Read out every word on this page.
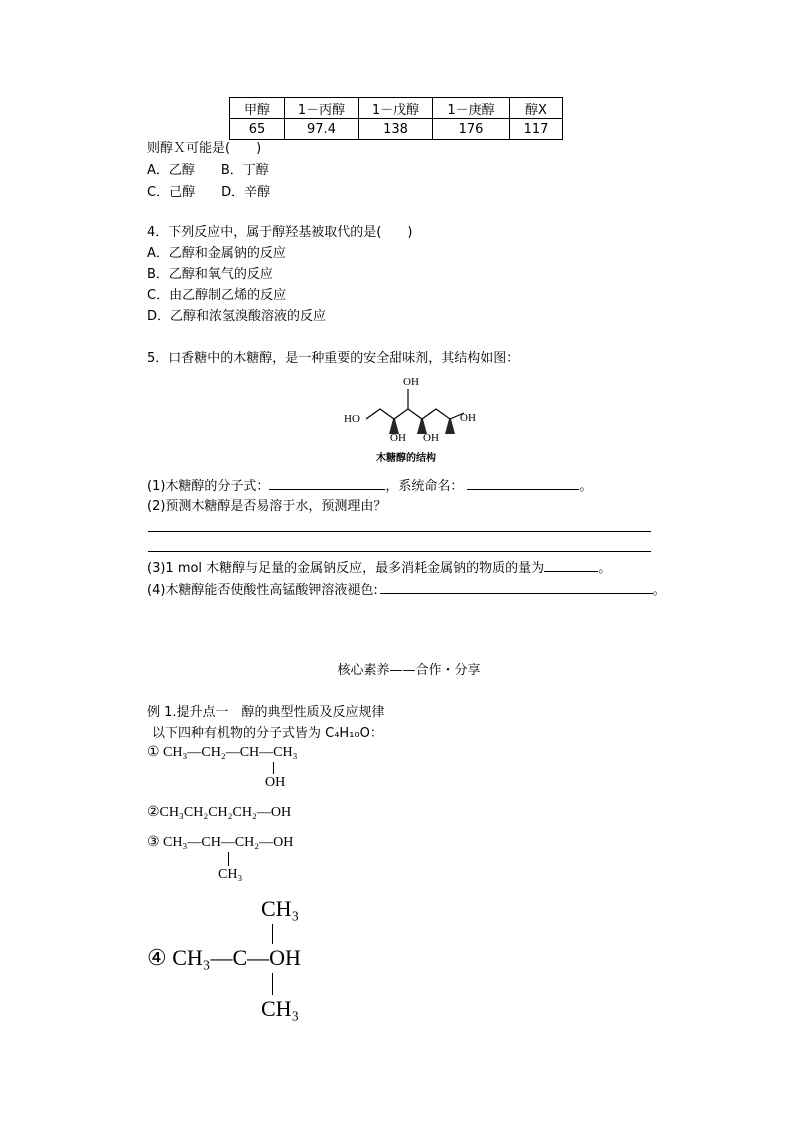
甲醇	1－丙醇	1－戊醇	1－庚醇	醇Ⅹ
65	97.4	138	176	117
则醇Ｘ可能是(　　)
A．乙醇　　B．丁醇
C．己醇　　D．辛醇
4．下列反应中，属于醇羟基被取代的是(　　)
A．乙醇和金属钠的反应
B．乙醇和氧气的反应
C．由乙醇制乙烯的反应
D．乙醇和浓氢溴酸溶液的反应
5．口香糖中的木糖醇，是一种重要的安全甜味剂，其结构如图：
OH
HO	OH
OH OH
木糖醇的结构
(1)木糖醇的分子式：	，系统命名：	。
(2)预测木糖醇是否易溶于水，预测理由？
(3)1 mol 木糖醇与足量的金属钠反应，最多消耗金属钠的物质的量为	。
(4)木糖醇能否使酸性高锰酸钾溶液褪色:	。
核心素养——合作・分享
例 1.提升点一　醇的典型性质及反应规律
以下四种有机物的分子式皆为 C₄H₁₀O：
① CH₃—CH₂—CH—CH₃
OH
②CH₃CH₂CH₂CH₂—OH
③ CH₃—CH—CH₂—OH
CH₃
CH₃
④ CH₃—C—OH
CH₃
